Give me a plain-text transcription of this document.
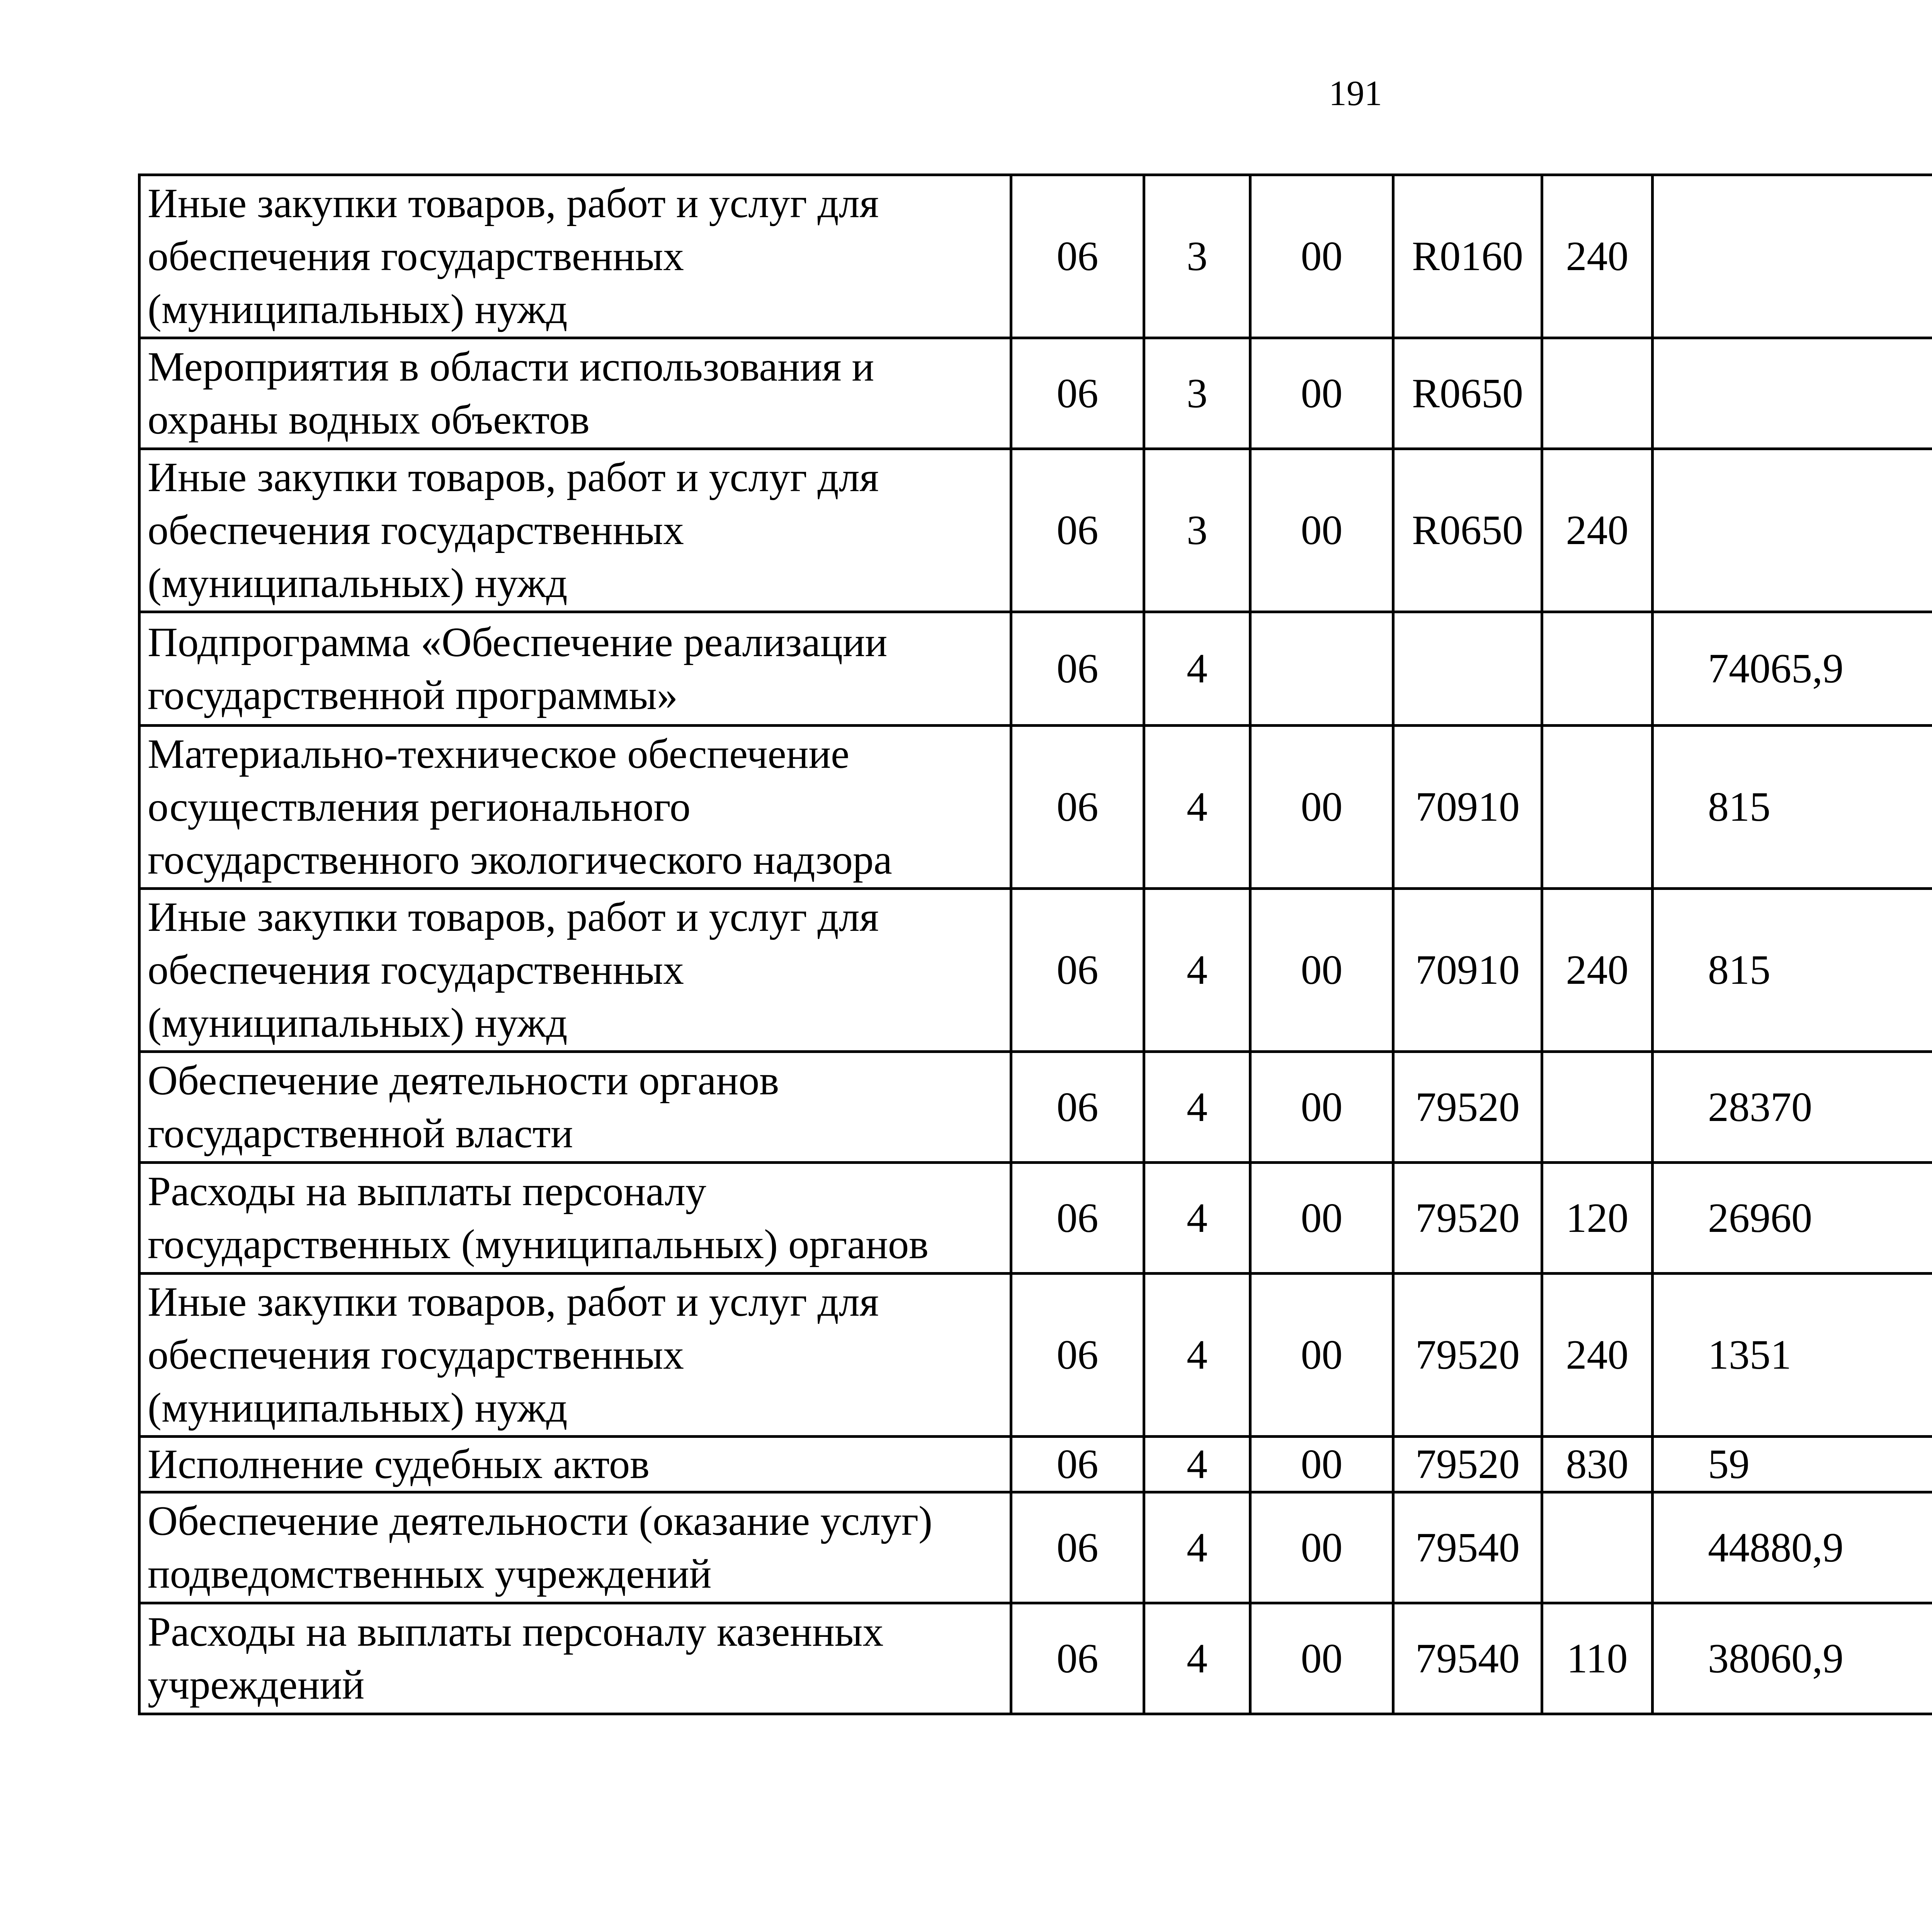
191
Иные закупки товаров, работ и услуг для обеспечения государственных (муниципальных) нужд	06	3	00	R0160	240			
Мероприятия в области использования и охраны водных объектов	06	3	00	R0650				
Иные закупки товаров, работ и услуг для обеспечения государственных (муниципальных) нужд	06	3	00	R0650	240			
Подпрограмма «Обеспечение реализации государственной программы»	06	4				74065,9		
Материально-техническое обеспечение осуществления регионального государственного экологического надзора	06	4	00	70910		815		
Иные закупки товаров, работ и услуг для обеспечения государственных (муниципальных) нужд	06	4	00	70910	240	815		
Обеспечение деятельности органов государственной власти	06	4	00	79520		28370		
Расходы на выплаты персоналу государственных (муниципальных) органов	06	4	00	79520	120	26960		
Иные закупки товаров, работ и услуг для обеспечения государственных (муниципальных) нужд	06	4	00	79520	240	1351		
Исполнение судебных актов	06	4	00	79520	830	59		
Обеспечение деятельности (оказание услуг) подведомственных учреждений	06	4	00	79540		44880,9		
Расходы на выплаты персоналу казенных учреждений	06	4	00	79540	110	38060,9		
